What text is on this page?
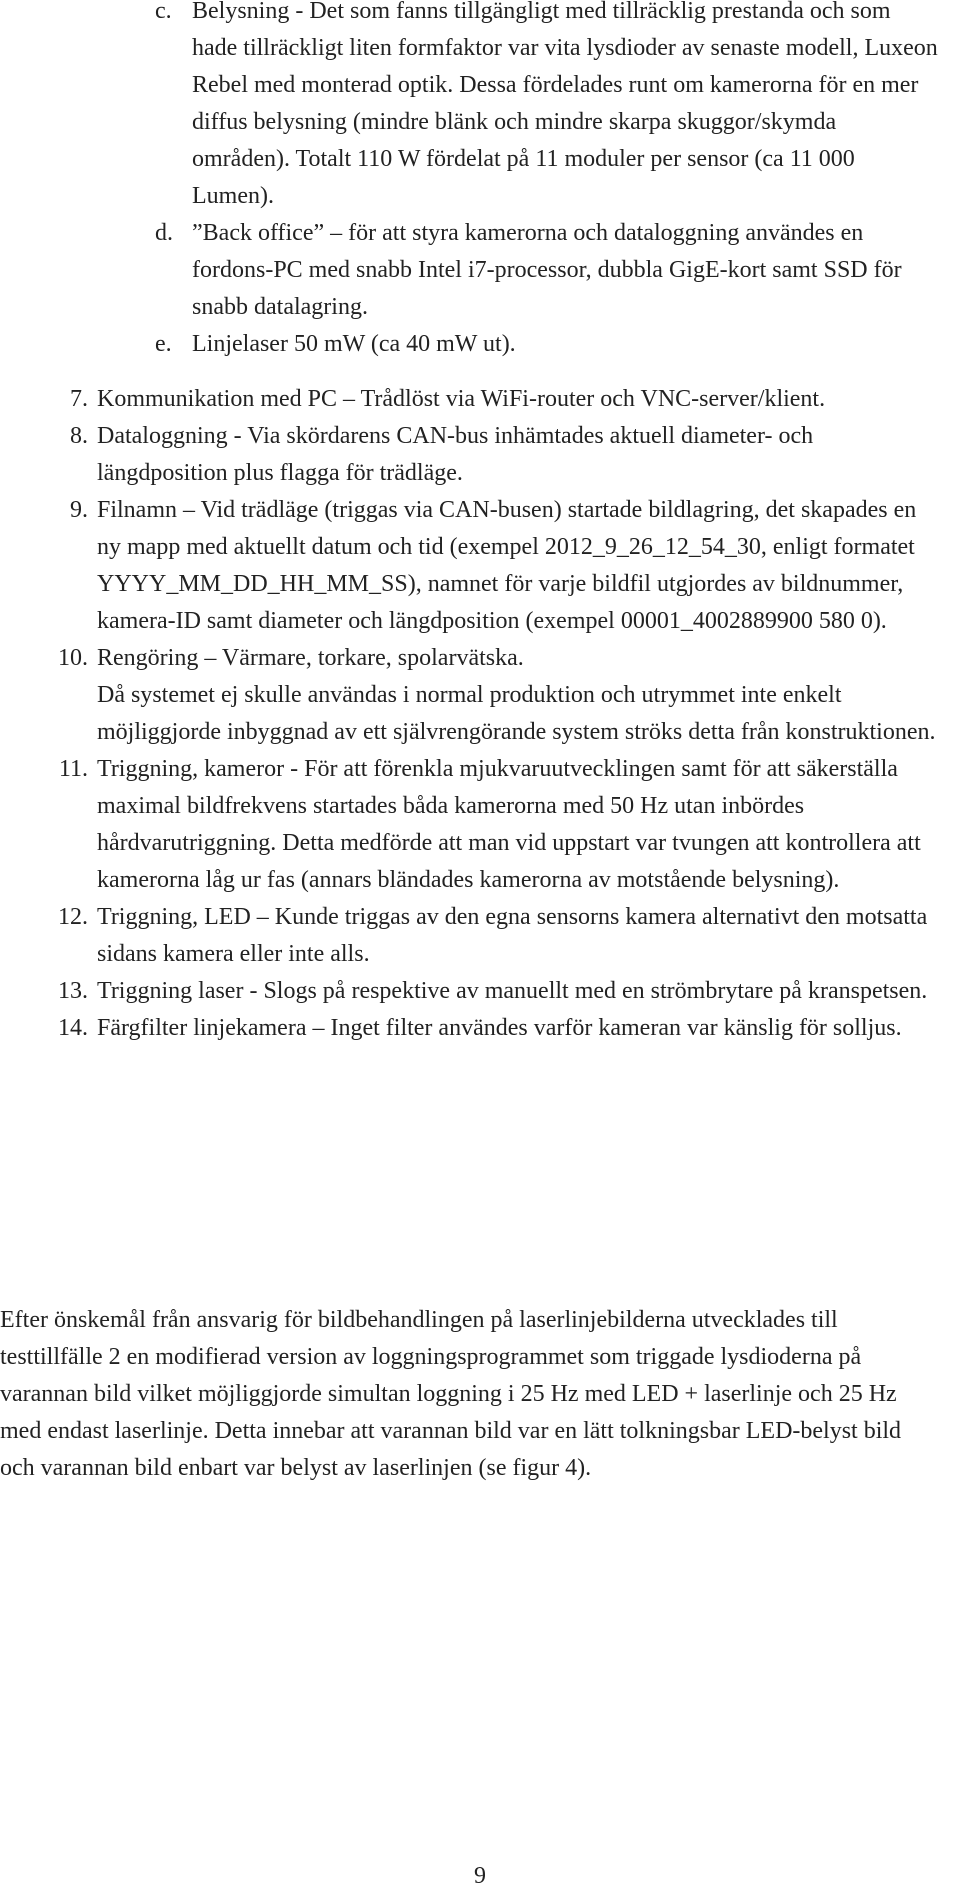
c. Belysning - Det som fanns tillgängligt med tillräcklig prestanda och som hade tillräckligt liten formfaktor var vita lysdioder av senaste modell, Luxeon Rebel med monterad optik. Dessa fördelades runt om kamerorna för en mer diffus belysning (mindre blänk och mindre skarpa skuggor/skymda områden). Totalt 110 W fördelat på 11 moduler per sensor (ca 11 000 Lumen).
d. ”Back office” – för att styra kamerorna och dataloggning användes en fordons-PC med snabb Intel i7-processor, dubbla GigE-kort samt SSD för snabb datalagring.
e. Linjelaser 50 mW (ca 40 mW ut).
7. Kommunikation med PC – Trådlöst via WiFi-router och VNC-server/klient.
8. Dataloggning - Via skördarens CAN-bus inhämtades aktuell diameter- och längdposition plus flagga för trädläge.
9. Filnamn – Vid trädläge (triggas via CAN-busen) startade bildlagring, det skapades en ny mapp med aktuellt datum och tid (exempel 2012_9_26_12_54_30, enligt formatet YYYY_MM_DD_HH_MM_SS), namnet för varje bildfil utgjordes av bildnummer, kamera-ID samt diameter och längdposition (exempel 00001_4002889900 580 0).
10. Rengöring – Värmare, torkare, spolarvätska.

Då systemet ej skulle användas i normal produktion och utrymmet inte enkelt möjliggjorde inbyggnad av ett självrengörande system ströks detta från konstruktionen.

11. Triggning, kameror - För att förenkla mjukvaruutvecklingen samt för att säkerställa maximal bildfrekvens startades båda kamerorna med 50 Hz utan inbördes hårdvarutriggning. Detta medförde att man vid uppstart var tvungen att kontrollera att kamerorna låg ur fas (annars bländades kamerorna av motstående belysning).
12. Triggning, LED – Kunde triggas av den egna sensorns kamera alternativt den motsatta sidans kamera eller inte alls.
13. Triggning laser - Slogs på respektive av manuellt med en strömbrytare på kranspetsen.
14. Färgfilter linjekamera – Inget filter användes varför kameran var känslig för solljus.

Efter önskemål från ansvarig för bildbehandlingen på laserlinjebilderna utvecklades till testtillfälle 2 en modifierad version av loggningsprogrammet som triggade lysdioderna på varannan bild vilket möjliggjorde simultan loggning i 25 Hz med LED + laserlinje och 25 Hz med endast laserlinje. Detta innebar att varannan bild var en lätt tolkningsbar LED-belyst bild och varannan bild enbart var belyst av laserlinjen (se figur 4).

9
